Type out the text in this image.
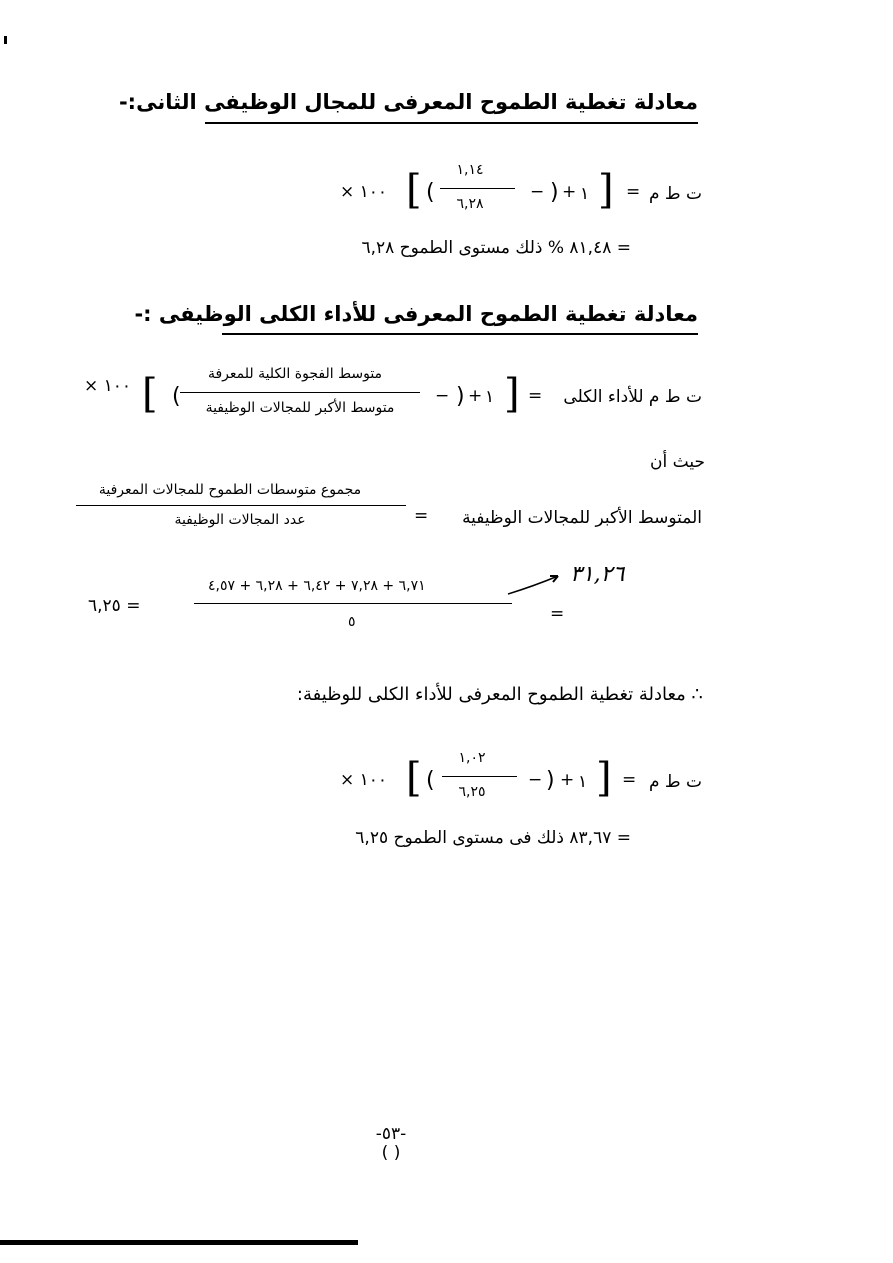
معادلة تغطية الطموح المعرفى للمجال الوظيفى الثانى:-
ت ط م
=
]
١
+
)
−
١,١٤
٦,٢٨
(
[
× ١٠٠
= ٨١,٤٨ % ذلك مستوى الطموح ٦,٢٨
معادلة تغطية الطموح المعرفى للأداء الكلى الوظيفى :-
ت ط م للأداء الكلى
=
]
١
+
)
−
متوسط الفجوة الكلية للمعرفة
متوسط الأكبر للمجالات الوظيفية
(
[
× ١٠٠
حيث أن
المتوسط الأكبر للمجالات الوظيفية
=
مجموع متوسطات الطموح للمجالات المعرفية
عدد المجالات الوظيفية
٣١,٢٦
٦,٧١ + ٧,٢٨ + ٦,٤٢ + ٦,٢٨ + ٤,٥٧
٥	=
٦,٢٥ =
∴ معادلة تغطية الطموح المعرفى للأداء الكلى للوظيفة:
ت ط م
=
]
١
+
)
−
١,٠٢
٦,٢٥
(
[
× ١٠٠
= ٨٣,٦٧ ذلك فى مستوى الطموح ٦,٢٥
-٥٣-
( )
